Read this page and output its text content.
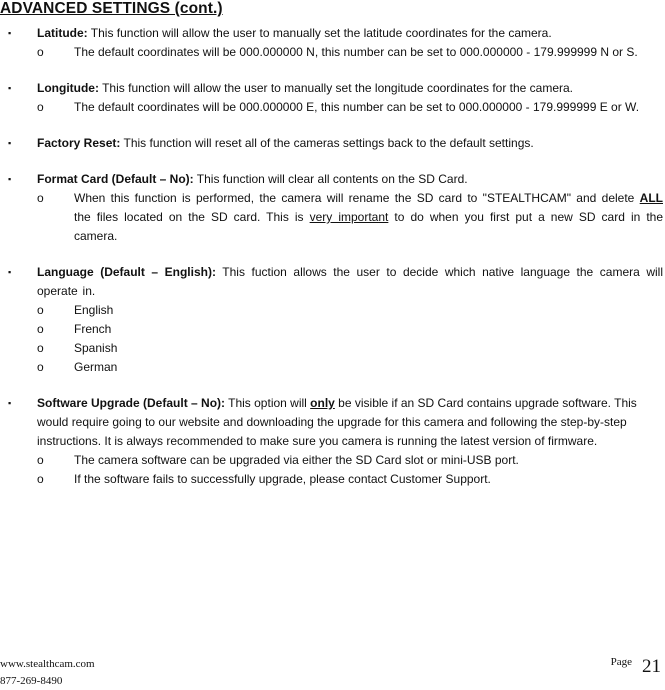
ADVANCED SETTINGS (cont.)
▪ Latitude: This function will allow the user to manually set the latitude coordinates for the camera.
o	The default coordinates will be 000.000000 N, this number can be set to 000.000000 - 179.999999 N or S.
▪ Longitude: This function will allow the user to manually set the longitude coordinates for the camera.
o	The default coordinates will be 000.000000 E, this number can be set to 000.000000 - 179.999999 E or W.
▪ Factory Reset: This function will reset all of the cameras settings back to the default settings.
▪ Format Card (Default – No): This function will clear all contents on the SD Card.
o	When this function is performed, the camera will rename the SD card to "STEALTHCAM" and delete ALL the files located on the SD card. This is very important to do when you first put a new SD card in the camera.
▪ Language (Default – English): This fuction allows the user to decide which native language the camera will operate in.
o	English
o	French
o	Spanish
o	German
▪ Software Upgrade (Default – No): This option will only be visible if an SD Card contains upgrade software. This would require going to our website and downloading the upgrade for this camera and following the step-by-step instructions. It is always recommended to make sure you camera is running the latest version of firmware.
o	The camera software can be upgraded via either the SD Card slot or mini-USB port.
o	If the software fails to successfully upgrade, please contact Customer Support.
www.stealthcam.com
877-269-8490
$^{Page}$ 21
